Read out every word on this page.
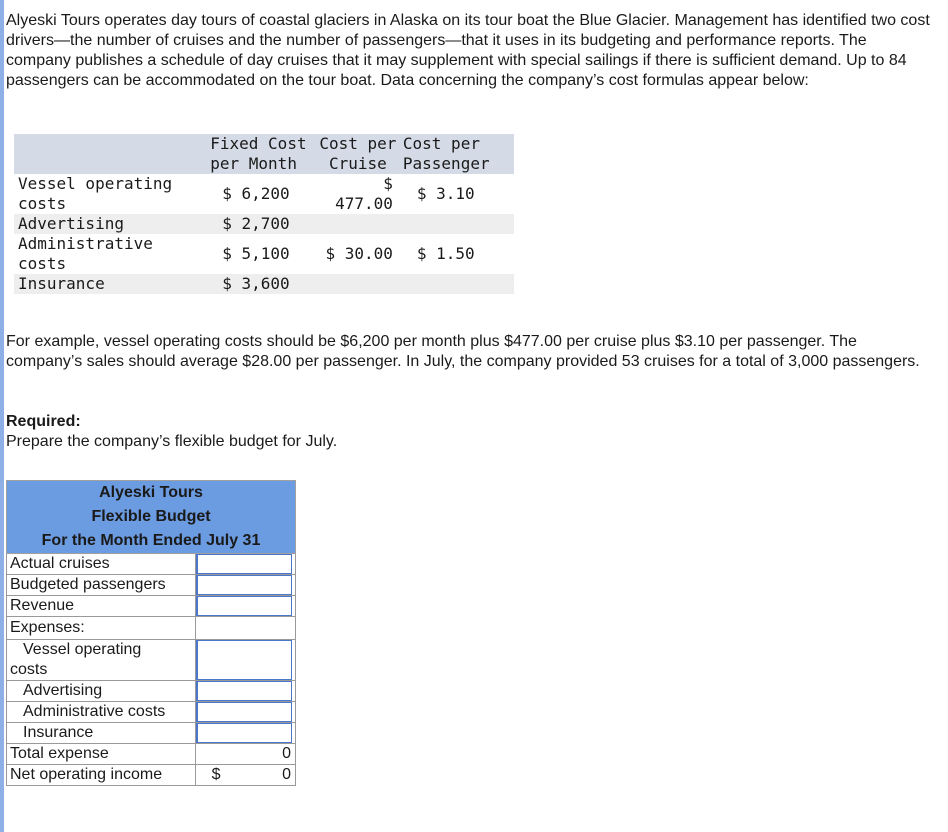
Alyeski Tours operates day tours of coastal glaciers in Alaska on its tour boat the Blue Glacier. Management has identified two cost drivers—the number of cruises and the number of passengers—that it uses in its budgeting and performance reports. The company publishes a schedule of day cruises that it may supplement with special sailings if there is sufficient demand. Up to 84 passengers can be accommodated on the tour boat. Data concerning the company’s cost formulas appear below:

	Fixed Cost per Month	Cost per Cruise	Cost per Passenger
Vessel operating costs	$ 6,200	$ 477.00	$ 3.10
Advertising	$ 2,700		
Administrative costs	$ 5,100	$ 30.00	$ 1.50
Insurance	$ 3,600		

For example, vessel operating costs should be $6,200 per month plus $477.00 per cruise plus $3.10 per passenger. The company’s sales should average $28.00 per passenger. In July, the company provided 53 cruises for a total of 3,000 passengers.

Required:

Prepare the company’s flexible budget for July.

Alyeski Tours	
Flexible Budget	
For the Month Ended July 31	
Actual cruises	

Budgeted passengers	

Revenue	

Expenses:	

Vessel operating
costs	

Advertising	

Administrative costs	

Insurance	

Total expense	0
Net operating income	$ 0
